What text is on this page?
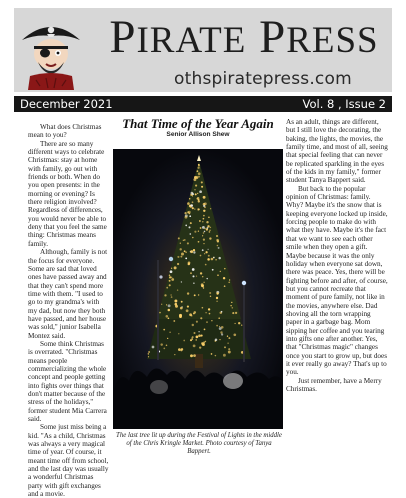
PIRATE PRESS
othspiratepress.com
December 2021	Vol. 8 , Issue 2

What does Christmas mean to you?

There are so many different ways to celebrate Christmas: stay at home with family, go out with friends or both. When do you open presents: in the morning or evening? Is there religion involved? Regardless of differences, you would never be able to deny that you feel the same thing: Christmas means family.

Although, family is not the focus for everyone. Some are sad that loved ones have passed away and that they can't spend more time with them. "I used to go to my grandma's with my dad, but now they both have passed, and her house was sold," junior Isabella Montez said.

Some think Christmas is overrated. "Christmas means people commercializing the whole concept and people getting into fights over things that don't matter because of the stress of the holidays," former student Mia Carrera said.

Some just miss being a kid. "As a child, Christmas was always a very magical time of year. Of course, it meant time off from school, and the last day was usually a wonderful Christmas party with gift exchanges and a movie.

That Time of the Year Again
Senior Allison Shew
The last tree lit up during the Festival of Lights in the middle of the Chris Kringle Market. Photo courtesy of Tanya Bappert.

As an adult, things are different, but I still love the decorating, the baking, the lights, the movies, the family time, and most of all, seeing that special feeling that can never be replicated sparkling in the eyes of the kids in my family," former student Tanya Bappert said.

But back to the popular opinion of Christmas: family. Why? Maybe it's the snow that is keeping everyone locked up inside, forcing people to make do with what they have. Maybe it's the fact that we want to see each other smile when they open a gift. Maybe because it was the only holiday when everyone sat down, there was peace. Yes, there will be fighting before and after, of course, but you cannot recreate that moment of pure family, not like in the movies, anywhere else. Dad shoving all the torn wrapping paper in a garbage bag. Mom sipping her coffee and you tearing into gifts one after another. Yes, that "Christmas magic" changes once you start to grow up, but does it ever really go away? That's up to you.

Just remember, have a Merry Christmas.
